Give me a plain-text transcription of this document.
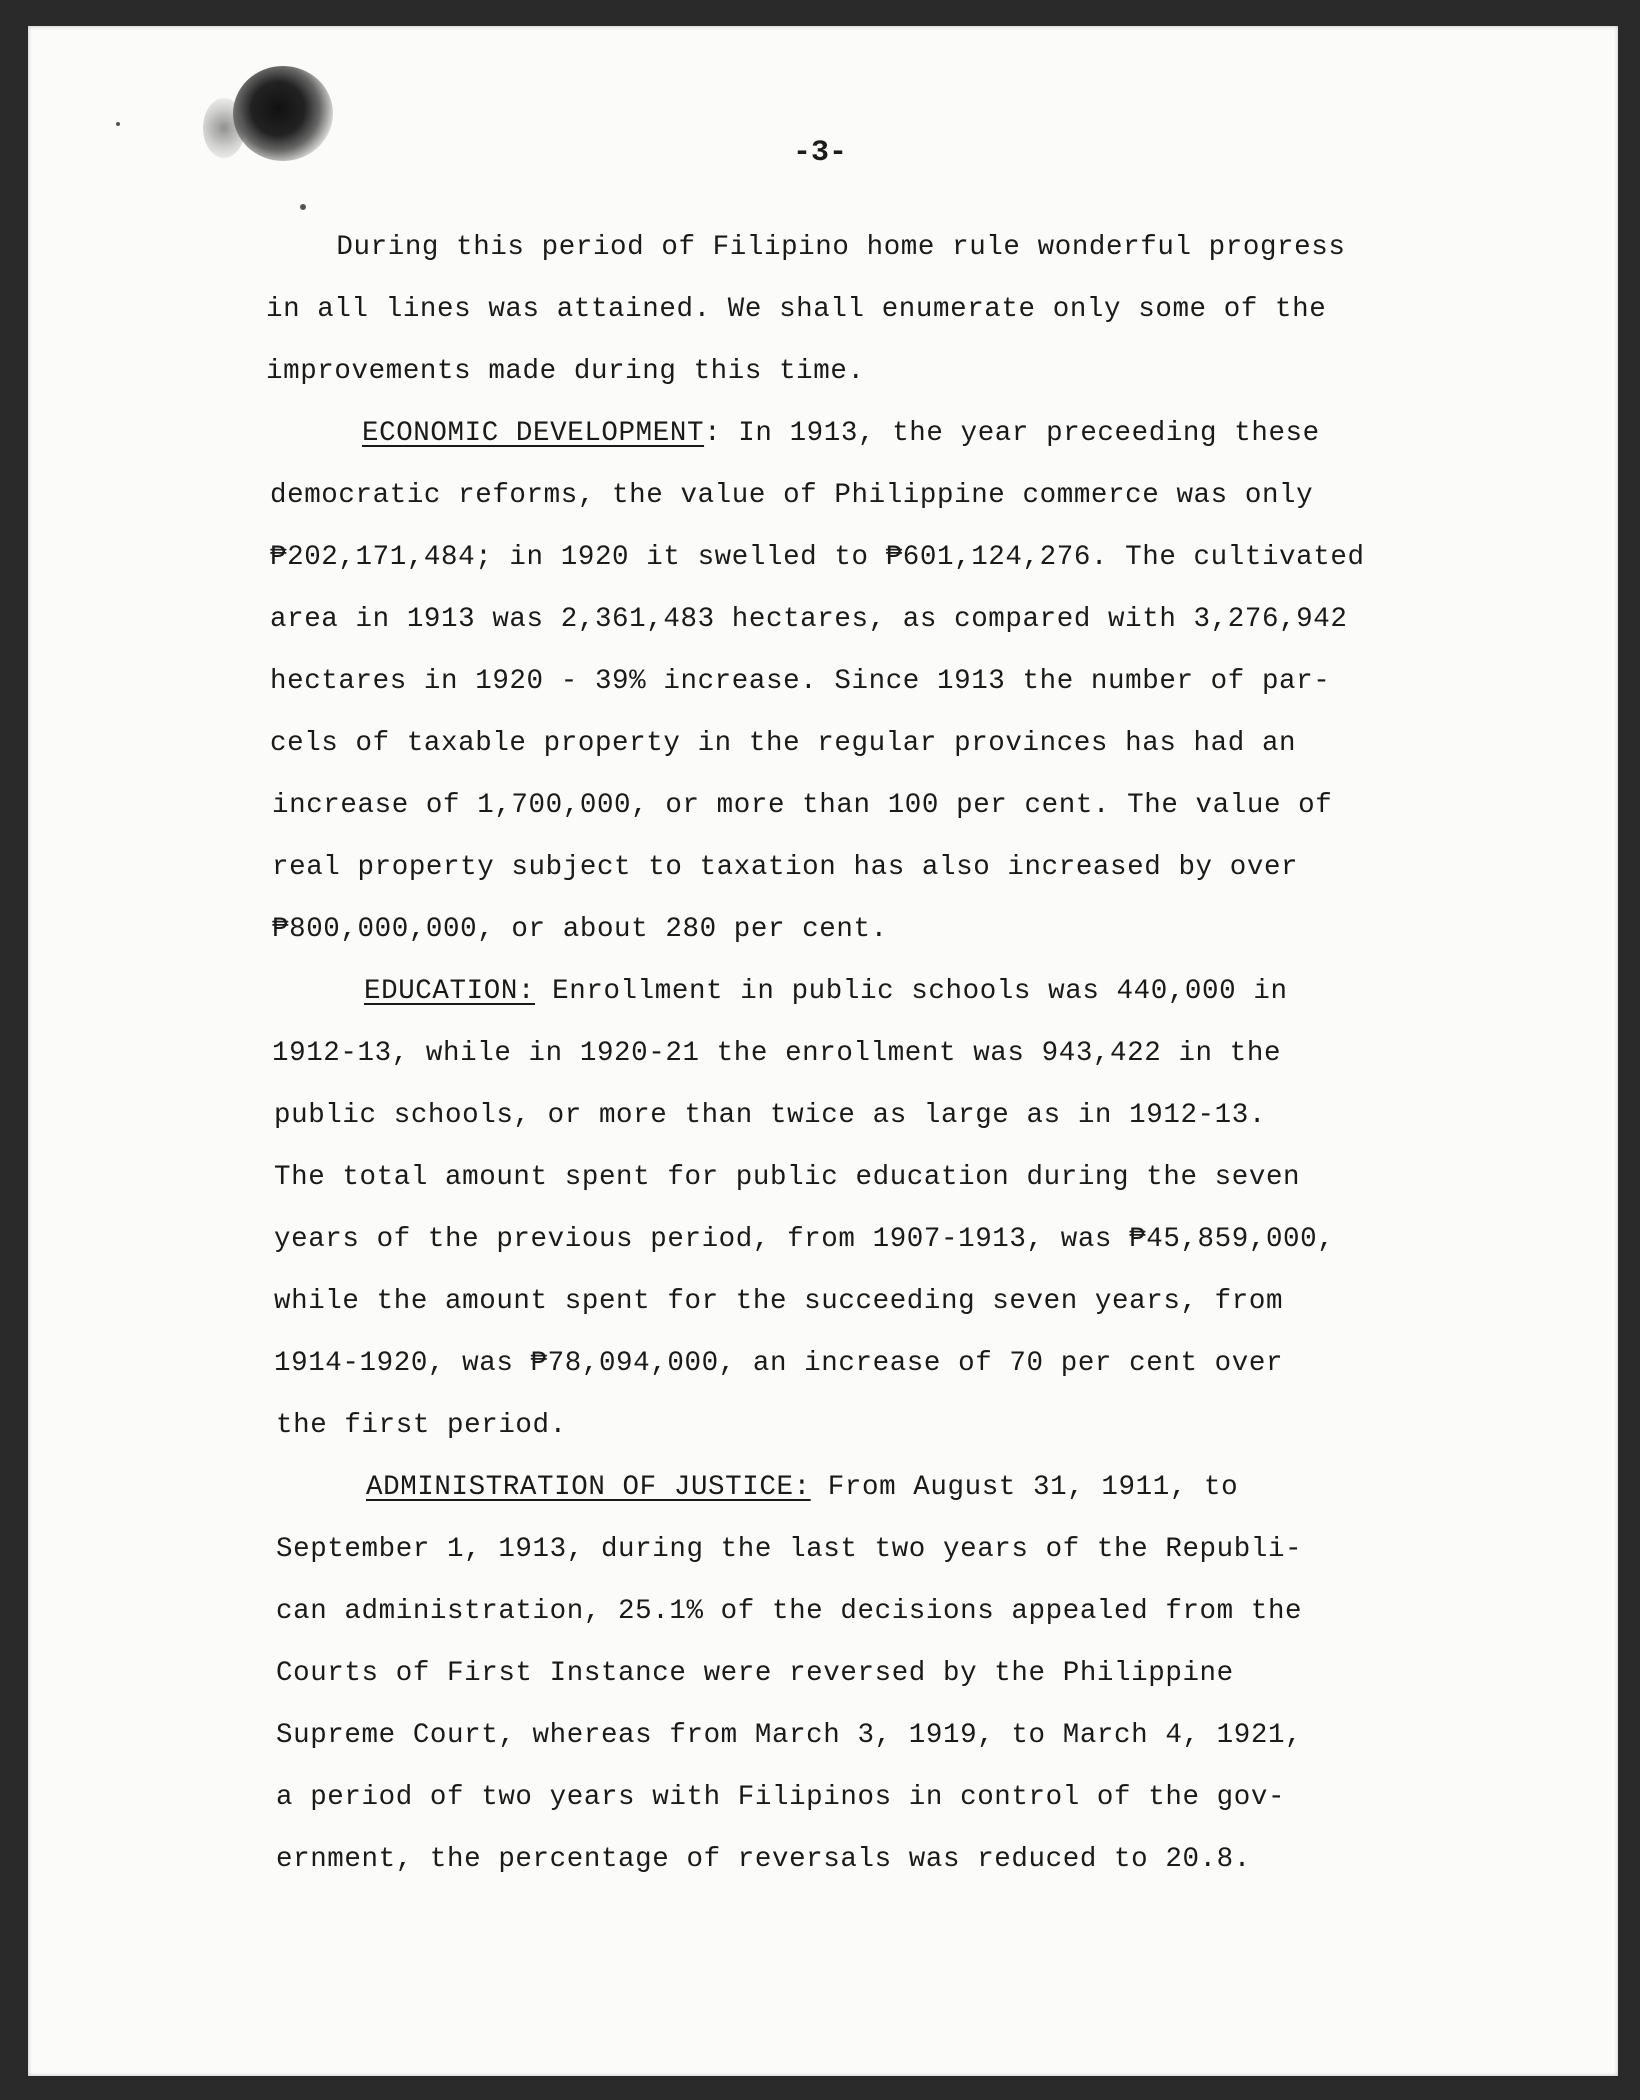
-3-

During this period of Filipino home rule wonderful progress

in all lines was attained. We shall enumerate only some of the

improvements made during this time.

ECONOMIC DEVELOPMENT: In 1913, the year preceeding these

democratic reforms, the value of Philippine commerce was only

₱202,171,484; in 1920 it swelled to ₱601,124,276. The cultivated

area in 1913 was 2,361,483 hectares, as compared with 3,276,942

hectares in 1920 - 39% increase. Since 1913 the number of par-

cels of taxable property in the regular provinces has had an

increase of 1,700,000, or more than 100 per cent. The value of

real property subject to taxation has also increased by over

₱800,000,000, or about 280 per cent.

EDUCATION: Enrollment in public schools was 440,000 in

1912-13, while in 1920-21 the enrollment was 943,422 in the

public schools, or more than twice as large as in 1912-13.

The total amount spent for public education during the seven

years of the previous period, from 1907-1913, was ₱45,859,000,

while the amount spent for the succeeding seven years, from

1914-1920, was ₱78,094,000, an increase of 70 per cent over

the first period.

ADMINISTRATION OF JUSTICE: From August 31, 1911, to

September 1, 1913, during the last two years of the Republi-

can administration, 25.1% of the decisions appealed from the

Courts of First Instance were reversed by the Philippine

Supreme Court, whereas from March 3, 1919, to March 4, 1921,

a period of two years with Filipinos in control of the gov-

ernment, the percentage of reversals was reduced to 20.8.
